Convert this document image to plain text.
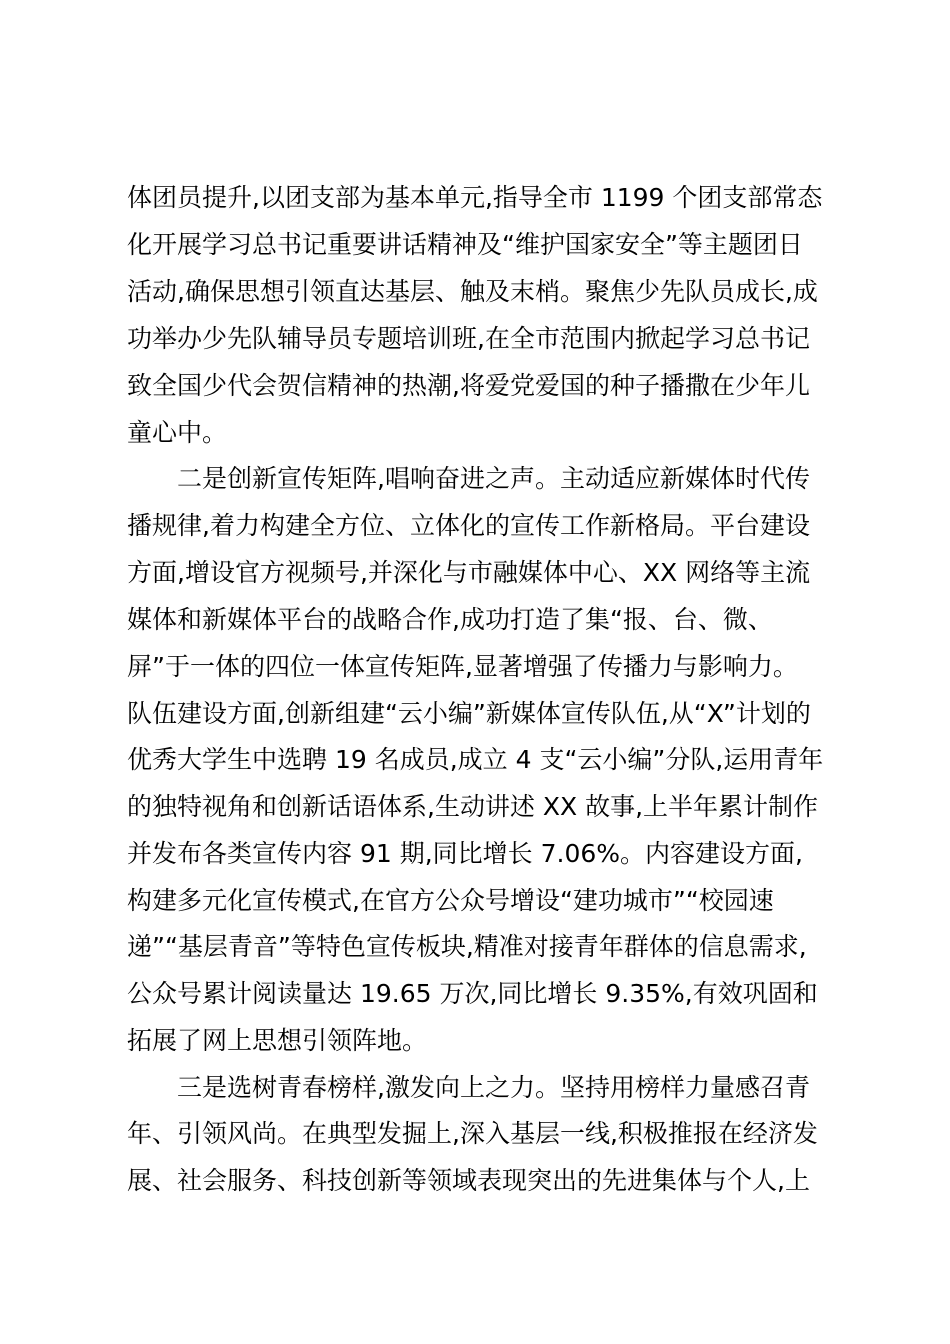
体团员提升,以团支部为基本单元,指导全市 1199 个团支部常态
化开展学习总书记重要讲话精神及“维护国家安全”等主题团日
活动,确保思想引领直达基层、触及末梢。聚焦少先队员成长,成
功举办少先队辅导员专题培训班,在全市范围内掀起学习总书记
致全国少代会贺信精神的热潮,将爱党爱国的种子播撒在少年儿
童心中。
　　二是创新宣传矩阵,唱响奋进之声。主动适应新媒体时代传
播规律,着力构建全方位、立体化的宣传工作新格局。平台建设
方面,增设官方视频号,并深化与市融媒体中心、XX 网络等主流
媒体和新媒体平台的战略合作,成功打造了集“报、台、微、
屏”于一体的四位一体宣传矩阵,显著增强了传播力与影响力。
队伍建设方面,创新组建“云小编”新媒体宣传队伍,从“X”计划的
优秀大学生中选聘 19 名成员,成立 4 支“云小编”分队,运用青年
的独特视角和创新话语体系,生动讲述 XX 故事,上半年累计制作
并发布各类宣传内容 91 期,同比增长 7.06%。内容建设方面,
构建多元化宣传模式,在官方公众号增设“建功城市”“校园速
递”“基层青音”等特色宣传板块,精准对接青年群体的信息需求,
公众号累计阅读量达 19.65 万次,同比增长 9.35%,有效巩固和
拓展了网上思想引领阵地。
　　三是选树青春榜样,激发向上之力。坚持用榜样力量感召青
年、引领风尚。在典型发掘上,深入基层一线,积极推报在经济发
展、社会服务、科技创新等领域表现突出的先进集体与个人,上
